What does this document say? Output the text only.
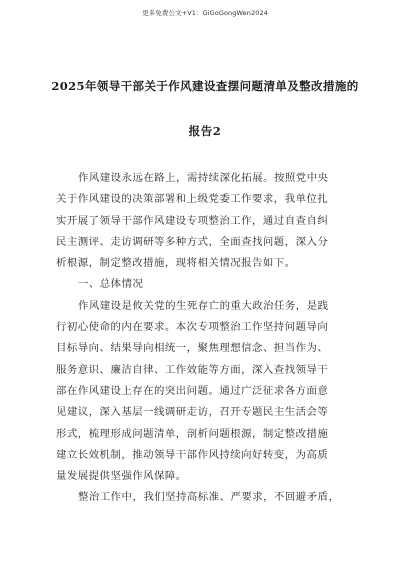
更多免费公文+V1：GiGoGongWen2024
2025年领导干部关于作风建设查摆问题清单及整改措施的
报告2
作风建设永远在路上，需持续深化拓展。按照党中央
关于作风建设的决策部署和上级党委工作要求，我单位扎
实开展了领导干部作风建设专项整治工作，通过自查自纠
民主测评、走访调研等多种方式，全面查找问题，深入分
析根源，制定整改措施，现将相关情况报告如下。
一、总体情况
作风建设是攸关党的生死存亡的重大政治任务，是践
行初心使命的内在要求。本次专项整治工作坚持问题导向
目标导向、结果导向相统一，聚焦理想信念、担当作为、
服务意识、廉洁自律、工作效能等方面，深入查找领导干
部在作风建设上存在的突出问题。通过广泛征求各方面意
见建议，深入基层一线调研走访，召开专题民主生活会等
形式，梳理形成问题清单，剖析问题根源，制定整改措施
建立长效机制，推动领导干部作风持续向好转变，为高质
量发展提供坚强作风保障。
整治工作中，我们坚持高标准、严要求，不回避矛盾，
